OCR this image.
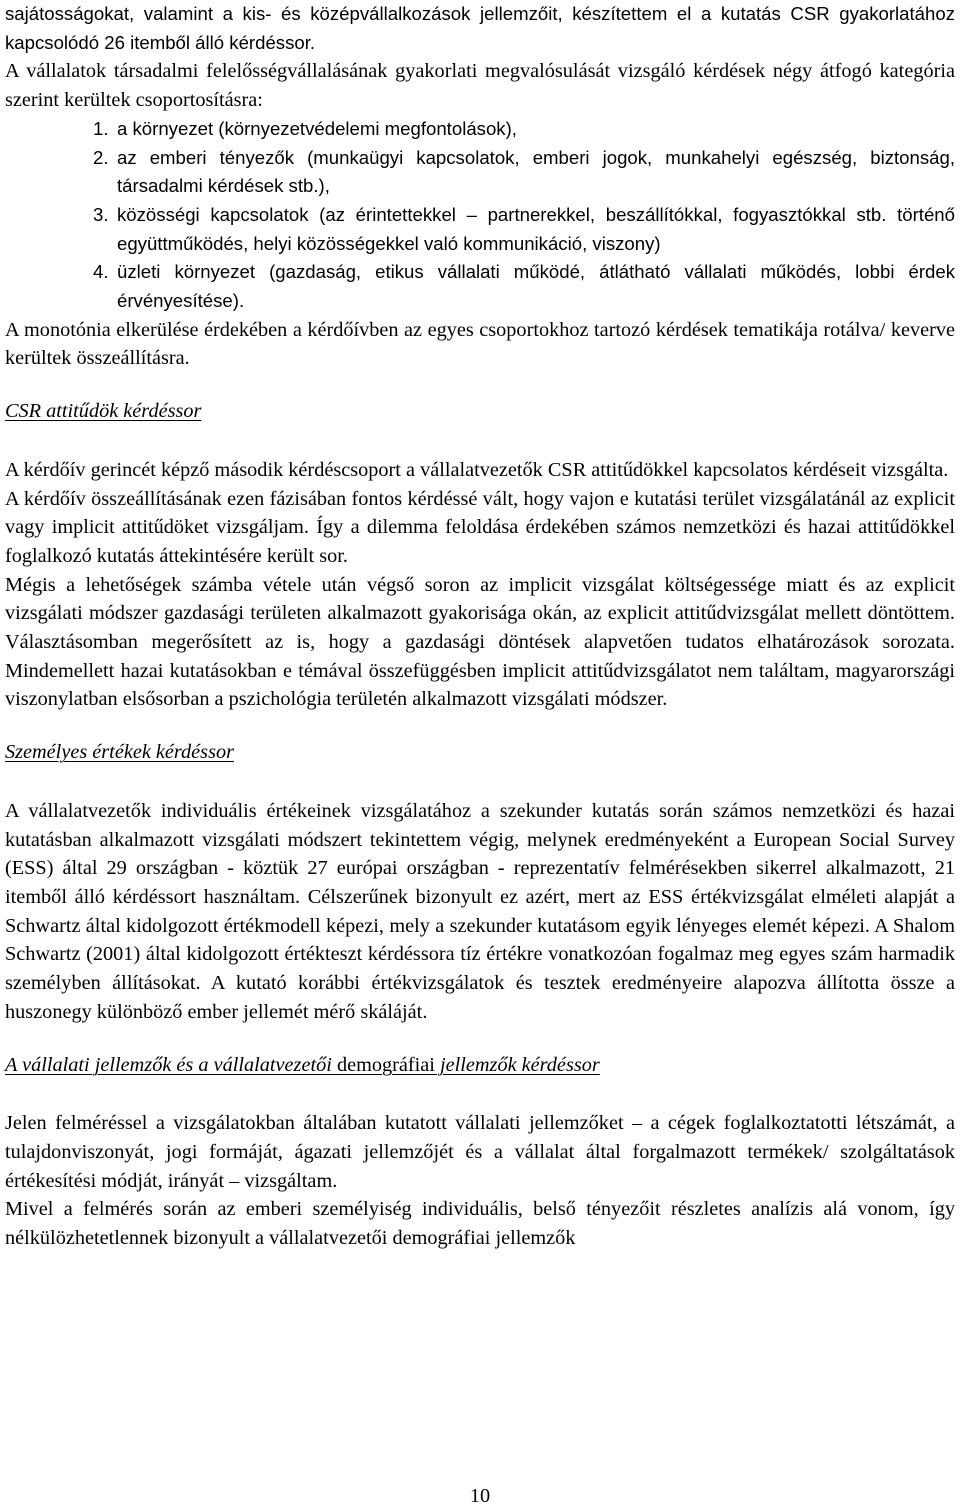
sajátosságokat, valamint a kis- és középvállalkozások jellemzőit, készítettem el a kutatás CSR gyakorlatához kapcsolódó 26 itemből álló kérdéssor.

A vállalatok társadalmi felelősségvállalásának gyakorlati megvalósulását vizsgáló kérdések négy átfogó kategória szerint kerültek csoportosításra:

1. a környezet (környezetvédelemi megfontolások),
2. az emberi tényezők (munkaügyi kapcsolatok, emberi jogok, munkahelyi egészség, biztonság, társadalmi kérdések stb.),
3. közösségi kapcsolatok (az érintettekkel – partnerekkel, beszállítókkal, fogyasztókkal stb. történő együttműködés, helyi közösségekkel való kommunikáció, viszony)
4. üzleti környezet (gazdaság, etikus vállalati működé, átlátható vállalati működés, lobbi érdek érvényesítése).

A monotónia elkerülése érdekében a kérdőívben az egyes csoportokhoz tartozó kérdések tematikája rotálva/ keverve kerültek összeállításra.

CSR attitűdök kérdéssor

A kérdőív gerincét képző második kérdéscsoport a vállalatvezetők CSR attitűdökkel kapcsolatos kérdéseit vizsgálta.

A kérdőív összeállításának ezen fázisában fontos kérdéssé vált, hogy vajon e kutatási terület vizsgálatánál az explicit vagy implicit attitűdöket vizsgáljam. Így a dilemma feloldása érdekében számos nemzetközi és hazai attitűdökkel foglalkozó kutatás áttekintésére került sor.

Mégis a lehetőségek számba vétele után végső soron az implicit vizsgálat költségessége miatt és az explicit vizsgálati módszer gazdasági területen alkalmazott gyakorisága okán, az explicit attitűdvizsgálat mellett döntöttem. Választásomban megerősített az is, hogy a gazdasági döntések alapvetően tudatos elhatározások sorozata. Mindemellett hazai kutatásokban e témával összefüggésben implicit attitűdvizsgálatot nem találtam, magyarországi viszonylatban elsősorban a pszichológia területén alkalmazott vizsgálati módszer.

Személyes értékek kérdéssor

A vállalatvezetők individuális értékeinek vizsgálatához a szekunder kutatás során számos nemzetközi és hazai kutatásban alkalmazott vizsgálati módszert tekintettem végig, melynek eredményeként a European Social Survey (ESS) által 29 országban - köztük 27 európai országban - reprezentatív felmérésekben sikerrel alkalmazott, 21 itemből álló kérdéssort használtam. Célszerűnek bizonyult ez azért, mert az ESS értékvizsgálat elméleti alapját a Schwartz által kidolgozott értékmodell képezi, mely a szekunder kutatásom egyik lényeges elemét képezi. A Shalom Schwartz (2001) által kidolgozott értékteszt kérdéssora tíz értékre vonatkozóan fogalmaz meg egyes szám harmadik személyben állításokat. A kutató korábbi értékvizsgálatok és tesztek eredményeire alapozva állította össze a huszonegy különböző ember jellemét mérő skáláját.

A vállalati jellemzők és a vállalatvezetői demográfiai jellemzők kérdéssor

Jelen felméréssel a vizsgálatokban általában kutatott vállalati jellemzőket – a cégek foglalkoztatotti létszámát, a tulajdonviszonyát, jogi formáját, ágazati jellemzőjét és a vállalat által forgalmazott termékek/ szolgáltatások értékesítési módját, irányát – vizsgáltam.

Mivel a felmérés során az emberi személyiség individuális, belső tényezőit részletes analízis alá vonom, így nélkülözhetetlennek bizonyult a vállalatvezetői demográfiai jellemzők

10
